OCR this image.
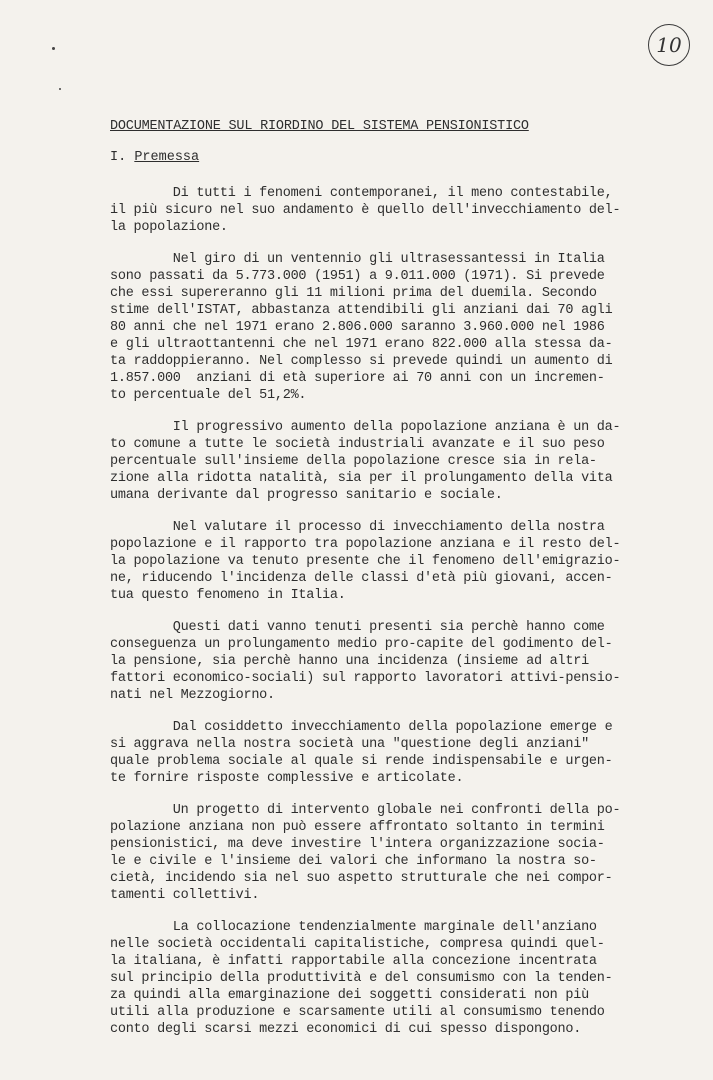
10
DOCUMENTAZIONE SUL RIORDINO DEL SISTEMA PENSIONISTICO
I. Premessa
Di tutti i fenomeni contemporanei, il meno contestabile,
il più sicuro nel suo andamento è quello dell'invecchiamento del-
la popolazione.
Nel giro di un ventennio gli ultrasessantessi in Italia
sono passati da 5.773.000 (1951) a 9.011.000 (1971). Si prevede
che essi supereranno gli 11 milioni prima del duemila. Secondo
stime dell'ISTAT, abbastanza attendibili gli anziani dai 70 agli
80 anni che nel 1971 erano 2.806.000 saranno 3.960.000 nel 1986
e gli ultraottantenni che nel 1971 erano 822.000 alla stessa da-
ta raddoppieranno. Nel complesso si prevede quindi un aumento di
1.857.000  anziani di età superiore ai 70 anni con un incremen-
to percentuale del 51,2%.
Il progressivo aumento della popolazione anziana è un da-
to comune a tutte le società industriali avanzate e il suo peso
percentuale sull'insieme della popolazione cresce sia in rela-
zione alla ridotta natalità, sia per il prolungamento della vita
umana derivante dal progresso sanitario e sociale.
Nel valutare il processo di invecchiamento della nostra
popolazione e il rapporto tra popolazione anziana e il resto del-
la popolazione va tenuto presente che il fenomeno dell'emigrazio-
ne, riducendo l'incidenza delle classi d'età più giovani, accen-
tua questo fenomeno in Italia.
Questi dati vanno tenuti presenti sia perchè hanno come
conseguenza un prolungamento medio pro-capite del godimento del-
la pensione, sia perchè hanno una incidenza (insieme ad altri
fattori economico-sociali) sul rapporto lavoratori attivi-pensio-
nati nel Mezzogiorno.
Dal cosiddetto invecchiamento della popolazione emerge e
si aggrava nella nostra società una "questione degli anziani"
quale problema sociale al quale si rende indispensabile e urgen-
te fornire risposte complessive e articolate.
Un progetto di intervento globale nei confronti della po-
polazione anziana non può essere affrontato soltanto in termini
pensionistici, ma deve investire l'intera organizzazione socia-
le e civile e l'insieme dei valori che informano la nostra so-
cietà, incidendo sia nel suo aspetto strutturale che nei compor-
tamenti collettivi.
La collocazione tendenzialmente marginale dell'anziano
nelle società occidentali capitalistiche, compresa quindi quel-
la italiana, è infatti rapportabile alla concezione incentrata
sul principio della produttività e del consumismo con la tenden-
za quindi alla emarginazione dei soggetti considerati non più
utili alla produzione e scarsamente utili al consumismo tenendo
conto degli scarsi mezzi economici di cui spesso dispongono.
